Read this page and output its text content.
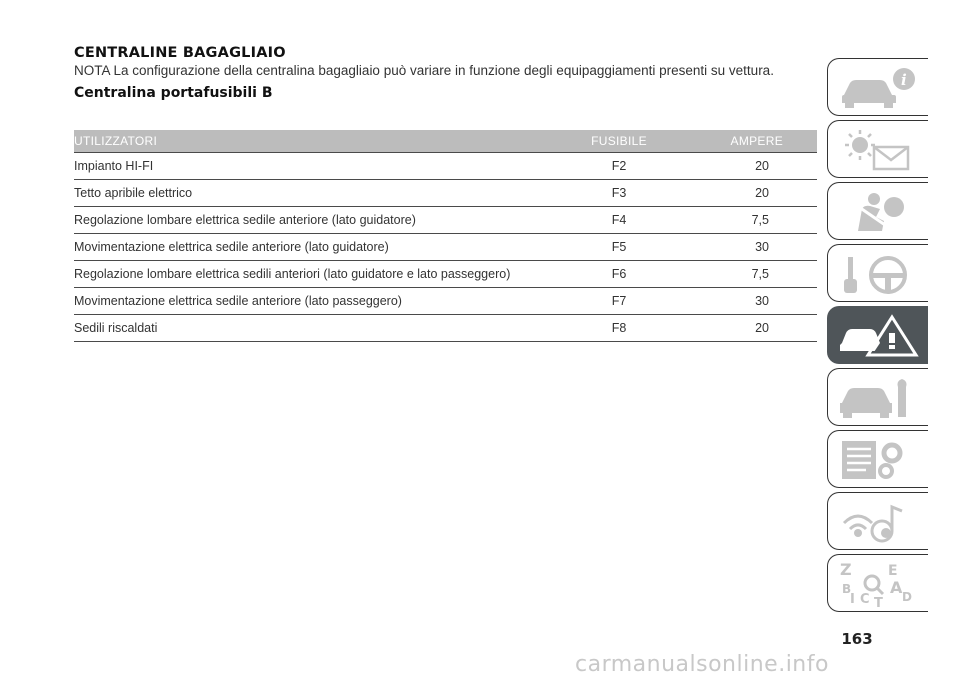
CENTRALINE BAGAGLIAIO
NOTA La configurazione della centralina bagagliaio può variare in funzione degli equipaggiamenti presenti su vettura.
Centralina portafusibili B
UTILIZZATORI	FUSIBILE	AMPERE
Impianto HI-FI	F2	20
Tetto apribile elettrico	F3	20
Regolazione lombare elettrica sedile anteriore (lato guidatore)	F4	7,5
Movimentazione elettrica sedile anteriore (lato guidatore)	F5	30
Regolazione lombare elettrica sedili anteriori (lato guidatore e lato passeggero)	F6	7,5
Movimentazione elettrica sedile anteriore (lato passeggero)	F7	30
Sedili riscaldati	F8	20
i
Z	E
A
B
C	D
I T
163
carmanualsonline.info
